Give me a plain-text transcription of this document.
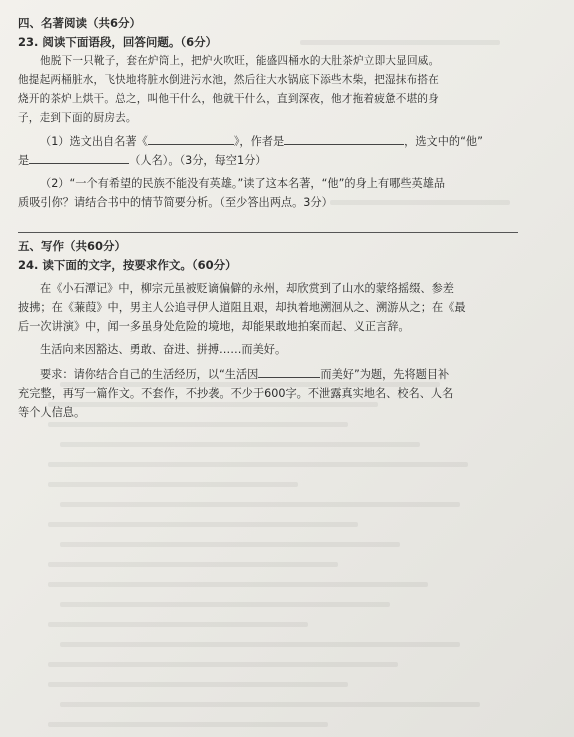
四、名著阅读（共6分）
23. 阅读下面语段，回答问题。（6分）
他脱下一只靴子，套在炉筒上，把炉火吹旺，能盛四桶水的大肚茶炉立即大显回威。
他提起两桶脏水，飞快地将脏水倒进污水池，然后往大水锅底下添些木柴，把湿抹布搭在
烧开的茶炉上烘干。总之，叫他干什么，他就干什么，直到深夜，他才拖着疲惫不堪的身
子，走到下面的厨房去。
（1）选文出自名著《	》，作者是	，选文中的“他”
是	（人名）。（3分，每空1分）
（2）“一个有希望的民族不能没有英雄。”读了这本名著，“他”的身上有哪些英雄品
质吸引你？请结合书中的情节简要分析。（至少答出两点。3分）
五、写作（共60分）
24. 读下面的文字，按要求作文。（60分）
在《小石潭记》中，柳宗元虽被贬谪偏僻的永州，却欣赏到了山水的蒙络摇缀、参差
披拂；在《蒹葭》中，男主人公追寻伊人道阻且艰，却执着地溯洄从之、溯游从之；在《最
后一次讲演》中，闻一多虽身处危险的境地，却能果敢地拍案而起、义正言辞。
生活向来因豁达、勇敢、奋进、拼搏……而美好。
要求：请你结合自己的生活经历，以“生活因	而美好”为题，先将题目补
充完整，再写一篇作文。不套作，不抄袭。不少于600字。不泄露真实地名、校名、人名
等个人信息。
